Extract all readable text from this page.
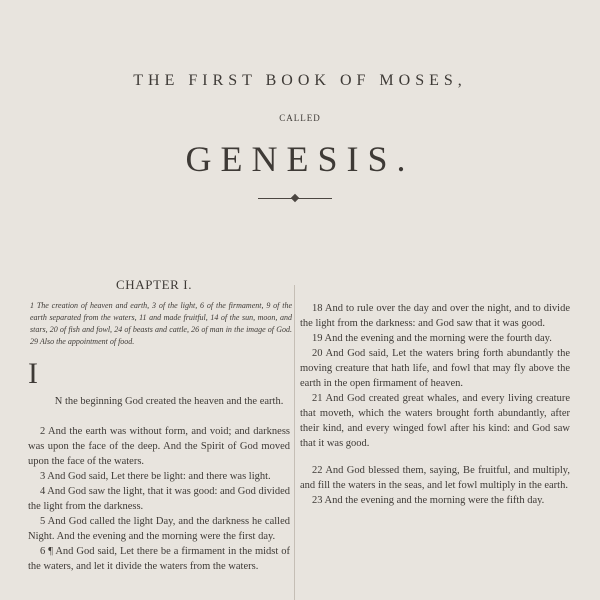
THE FIRST BOOK OF MOSES,
CALLED
GENESIS.
CHAPTER I.
1 The creation of heaven and earth, 3 of the light, 6 of the firmament, 9 of the earth separated from the waters, 11 and made fruitful, 14 of the sun, moon, and stars, 20 of fish and fowl, 24 of beasts and cattle, 26 of man in the image of God. 29 Also the appointment of food.

I

N the beginning God created the heaven and the earth.

2 And the earth was without form, and void; and darkness was upon the face of the deep. And the Spirit of God moved upon the face of the waters.

3 And God said, Let there be light: and there was light.

4 And God saw the light, that it was good: and God divided the light from the darkness.

5 And God called the light Day, and the darkness he called Night. And the evening and the morning were the first day.

6 ¶ And God said, Let there be a firmament in the midst of the waters, and let it divide the waters from the waters.

18 And to rule over the day and over the night, and to divide the light from the darkness: and God saw that it was good.

19 And the evening and the morning were the fourth day.

20 And God said, Let the waters bring forth abundantly the moving creature that hath life, and fowl that may fly above the earth in the open firmament of heaven.

21 And God created great whales, and every living creature that moveth, which the waters brought forth abundantly, after their kind, and every winged fowl after his kind: and God saw that it was good.

22 And God blessed them, saying, Be fruitful, and multiply, and fill the waters in the seas, and let fowl multiply in the earth.

23 And the evening and the morning were the fifth day.
